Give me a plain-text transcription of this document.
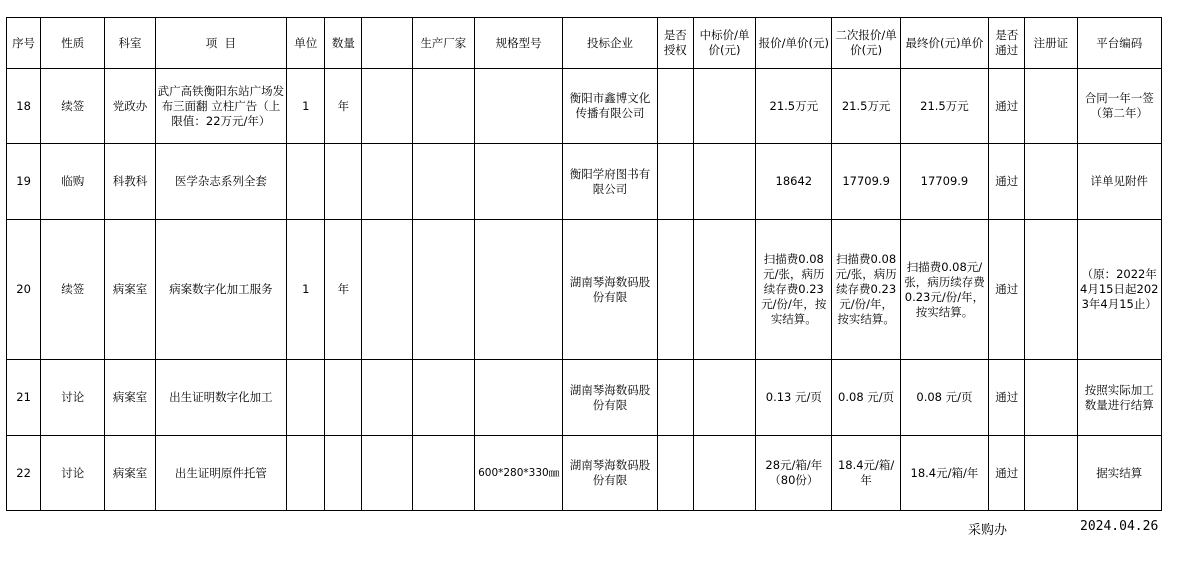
序号	性质	科室	项  目	单位	数量		生产厂家	规格型号	投标企业	是否授权	中标价/单价(元)	报价/单价(元)	二次报价/单价(元)	最终价(元)单价	是否通过	注册证	平台编码
18	续签	党政办	武广高铁衡阳东站广场发布三面翻 立柱广告（上限值：22万元/年）	1	年				衡阳市鑫博文化传播有限公司			21.5万元	21.5万元	21.5万元	通过		合同一年一签（第二年）
19	临购	科教科	医学杂志系列全套						衡阳学府图书有限公司			18642	17709.9	17709.9	通过		详单见附件
20	续签	病案室	病案数字化加工服务	1	年				湖南琴海数码股份有限			扫描费0.08元/张，病历续存费0.23元/份/年，按实结算。	扫描费0.08元/张，病历续存费0.23元/份/年，按实结算。	扫描费0.08元/张，病历续存费0.23元/份/年，按实结算。	通过		（原：2022年4月15日起2023年4月15止）
21	讨论	病案室	出生证明数字化加工						湖南琴海数码股份有限			0.13 元/页	0.08 元/页	0.08 元/页	通过		按照实际加工数量进行结算
22	讨论	病案室	出生证明原件托管					600*280*330㎜	湖南琴海数码股份有限			28元/箱/年（80份）	18.4元/箱/年	18.4元/箱/年	通过		据实结算
采购办	2024.04.26
